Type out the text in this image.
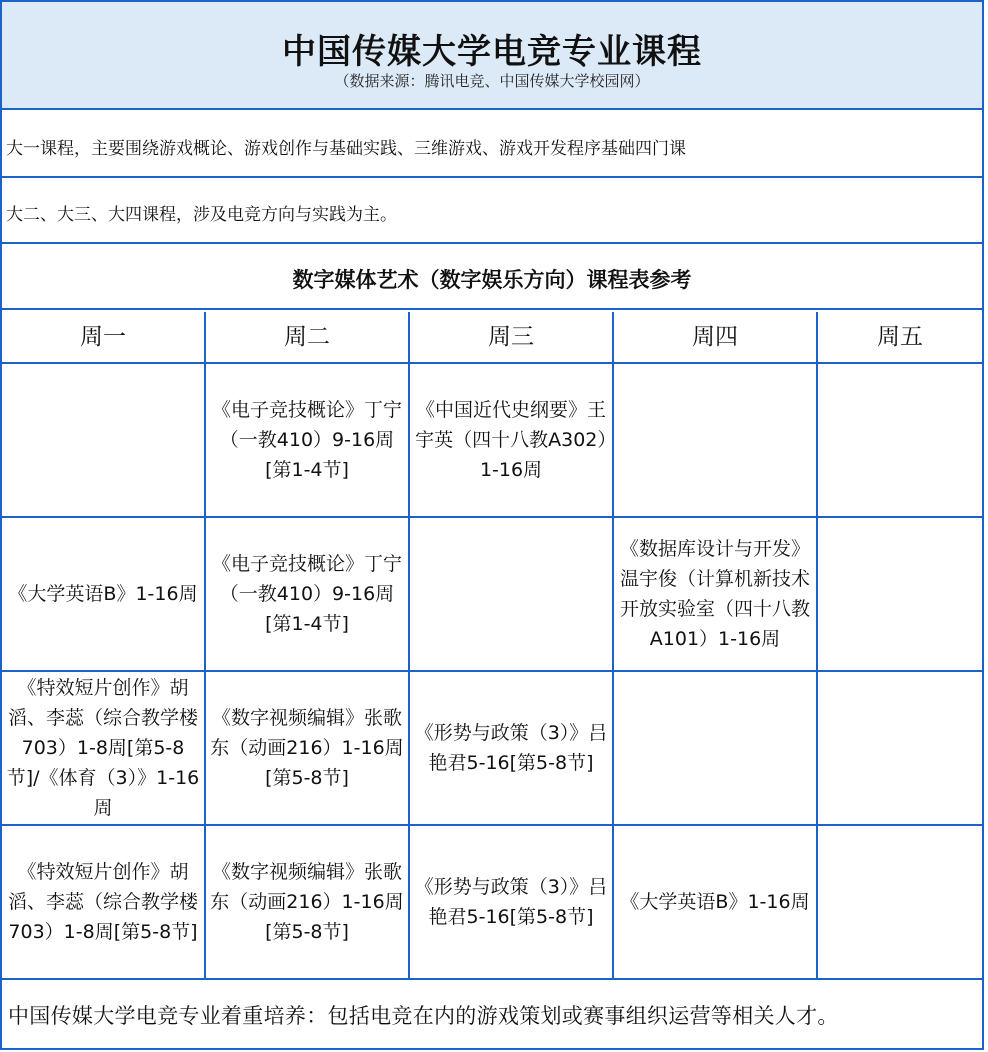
中国传媒大学电竞专业课程
（数据来源：腾讯电竞、中国传媒大学校园网）
大一课程，主要围绕游戏概论、游戏创作与基础实践、三维游戏、游戏开发程序基础四门课
大二、大三、大四课程，涉及电竞方向与实践为主。
数字媒体艺术（数字娱乐方向）课程表参考
周一	周二	周三	周四	周五
	《电子竞技概论》丁宁（一教410）9-16周[第1-4节]	《中国近代史纲要》王宇英（四十八教A302）1-16周		
《大学英语B》1-16周	《电子竞技概论》丁宁（一教410）9-16周[第1-4节]		《数据库设计与开发》温宇俊（计算机新技术开放实验室（四十八教A101）1-16周	
《特效短片创作》胡滔、李蕊（综合教学楼703）1-8周[第5-8节]/《体育（3）》1-16周	《数字视频编辑》张歌东（动画216）1-16周[第5-8节]	《形势与政策（3）》吕艳君5-16[第5-8节]		
《特效短片创作》胡滔、李蕊（综合教学楼703）1-8周[第5-8节]	《数字视频编辑》张歌东（动画216）1-16周[第5-8节]	《形势与政策（3）》吕艳君5-16[第5-8节]	《大学英语B》1-16周	
中国传媒大学电竞专业着重培养：包括电竞在内的游戏策划或赛事组织运营等相关人才。
